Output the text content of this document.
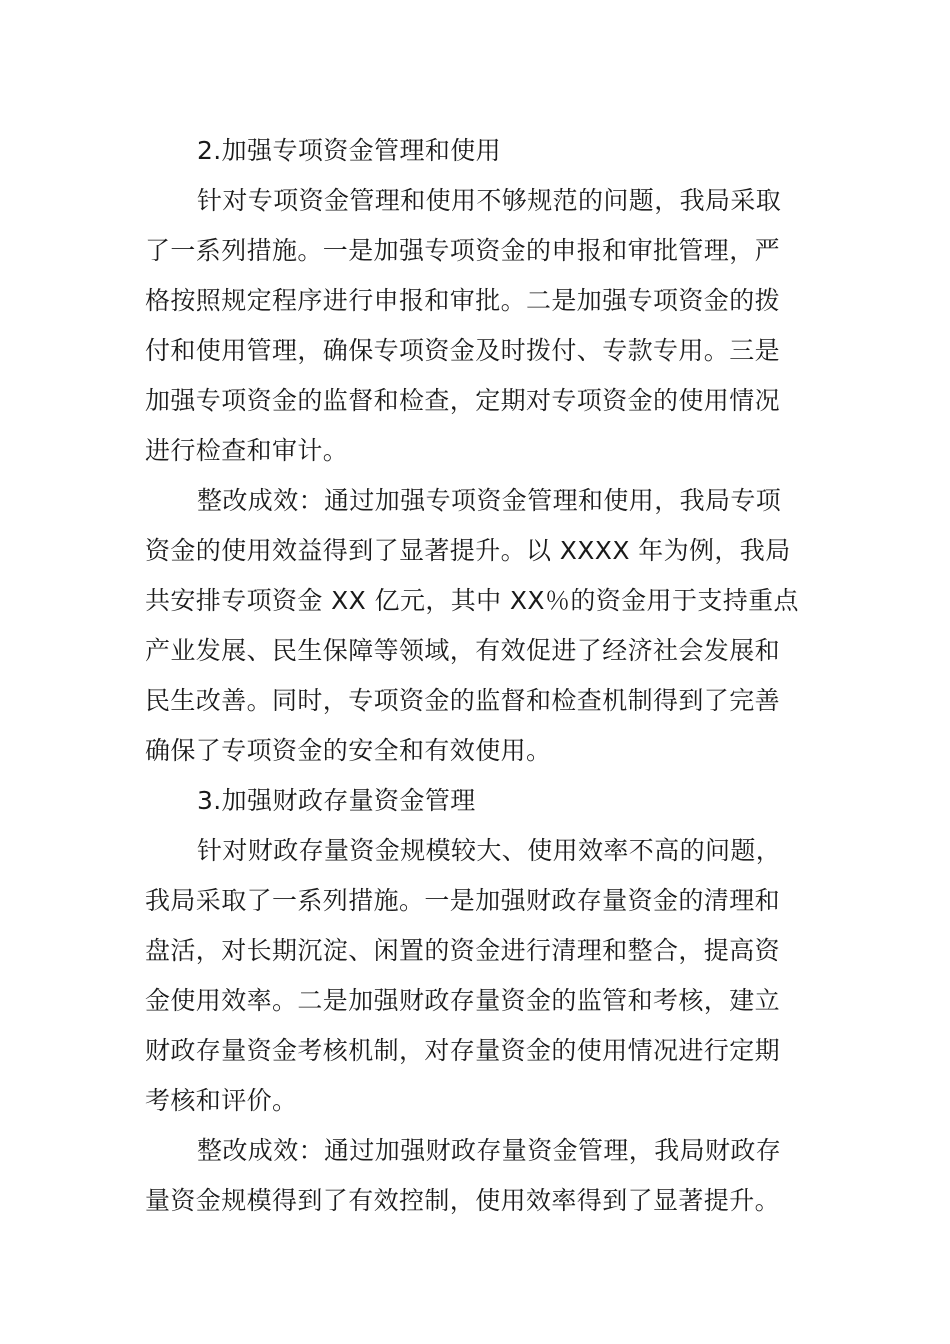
2.加强专项资金管理和使用
针对专项资金管理和使用不够规范的问题，我局采取
了一系列措施。一是加强专项资金的申报和审批管理，严
格按照规定程序进行申报和审批。二是加强专项资金的拨
付和使用管理，确保专项资金及时拨付、专款专用。三是
加强专项资金的监督和检查，定期对专项资金的使用情况
进行检查和审计。
整改成效：通过加强专项资金管理和使用，我局专项
资金的使用效益得到了显著提升。以 XXXX 年为例，我局
共安排专项资金 XX 亿元，其中 XX％的资金用于支持重点
产业发展、民生保障等领域，有效促进了经济社会发展和
民生改善。同时，专项资金的监督和检查机制得到了完善
确保了专项资金的安全和有效使用。
3.加强财政存量资金管理
针对财政存量资金规模较大、使用效率不高的问题，
我局采取了一系列措施。一是加强财政存量资金的清理和
盘活，对长期沉淀、闲置的资金进行清理和整合，提高资
金使用效率。二是加强财政存量资金的监管和考核，建立
财政存量资金考核机制，对存量资金的使用情况进行定期
考核和评价。
整改成效：通过加强财政存量资金管理，我局财政存
量资金规模得到了有效控制，使用效率得到了显著提升。
